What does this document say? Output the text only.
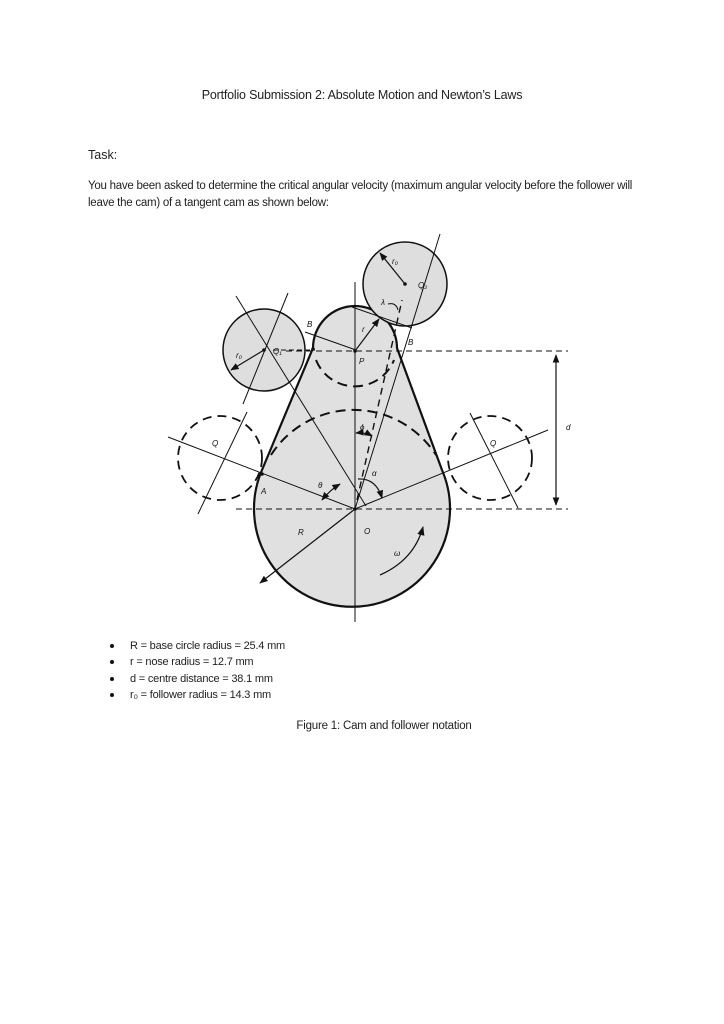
Portfolio Submission 2: Absolute Motion and Newton’s Laws
Task:
You have been asked to determine the critical angular velocity (maximum angular velocity before the follower will leave the cam) of a tangent cam as shown below:
r₀
Q₂
λ
B
B
r
r₀	Q₁
P
d
Q	Q
ϕ
α
θ
A
R	O
ω
R = base circle radius = 25.4 mm
r = nose radius = 12.7 mm
d = centre distance = 38.1 mm
r₀ = follower radius = 14.3 mm
Figure 1: Cam and follower notation
